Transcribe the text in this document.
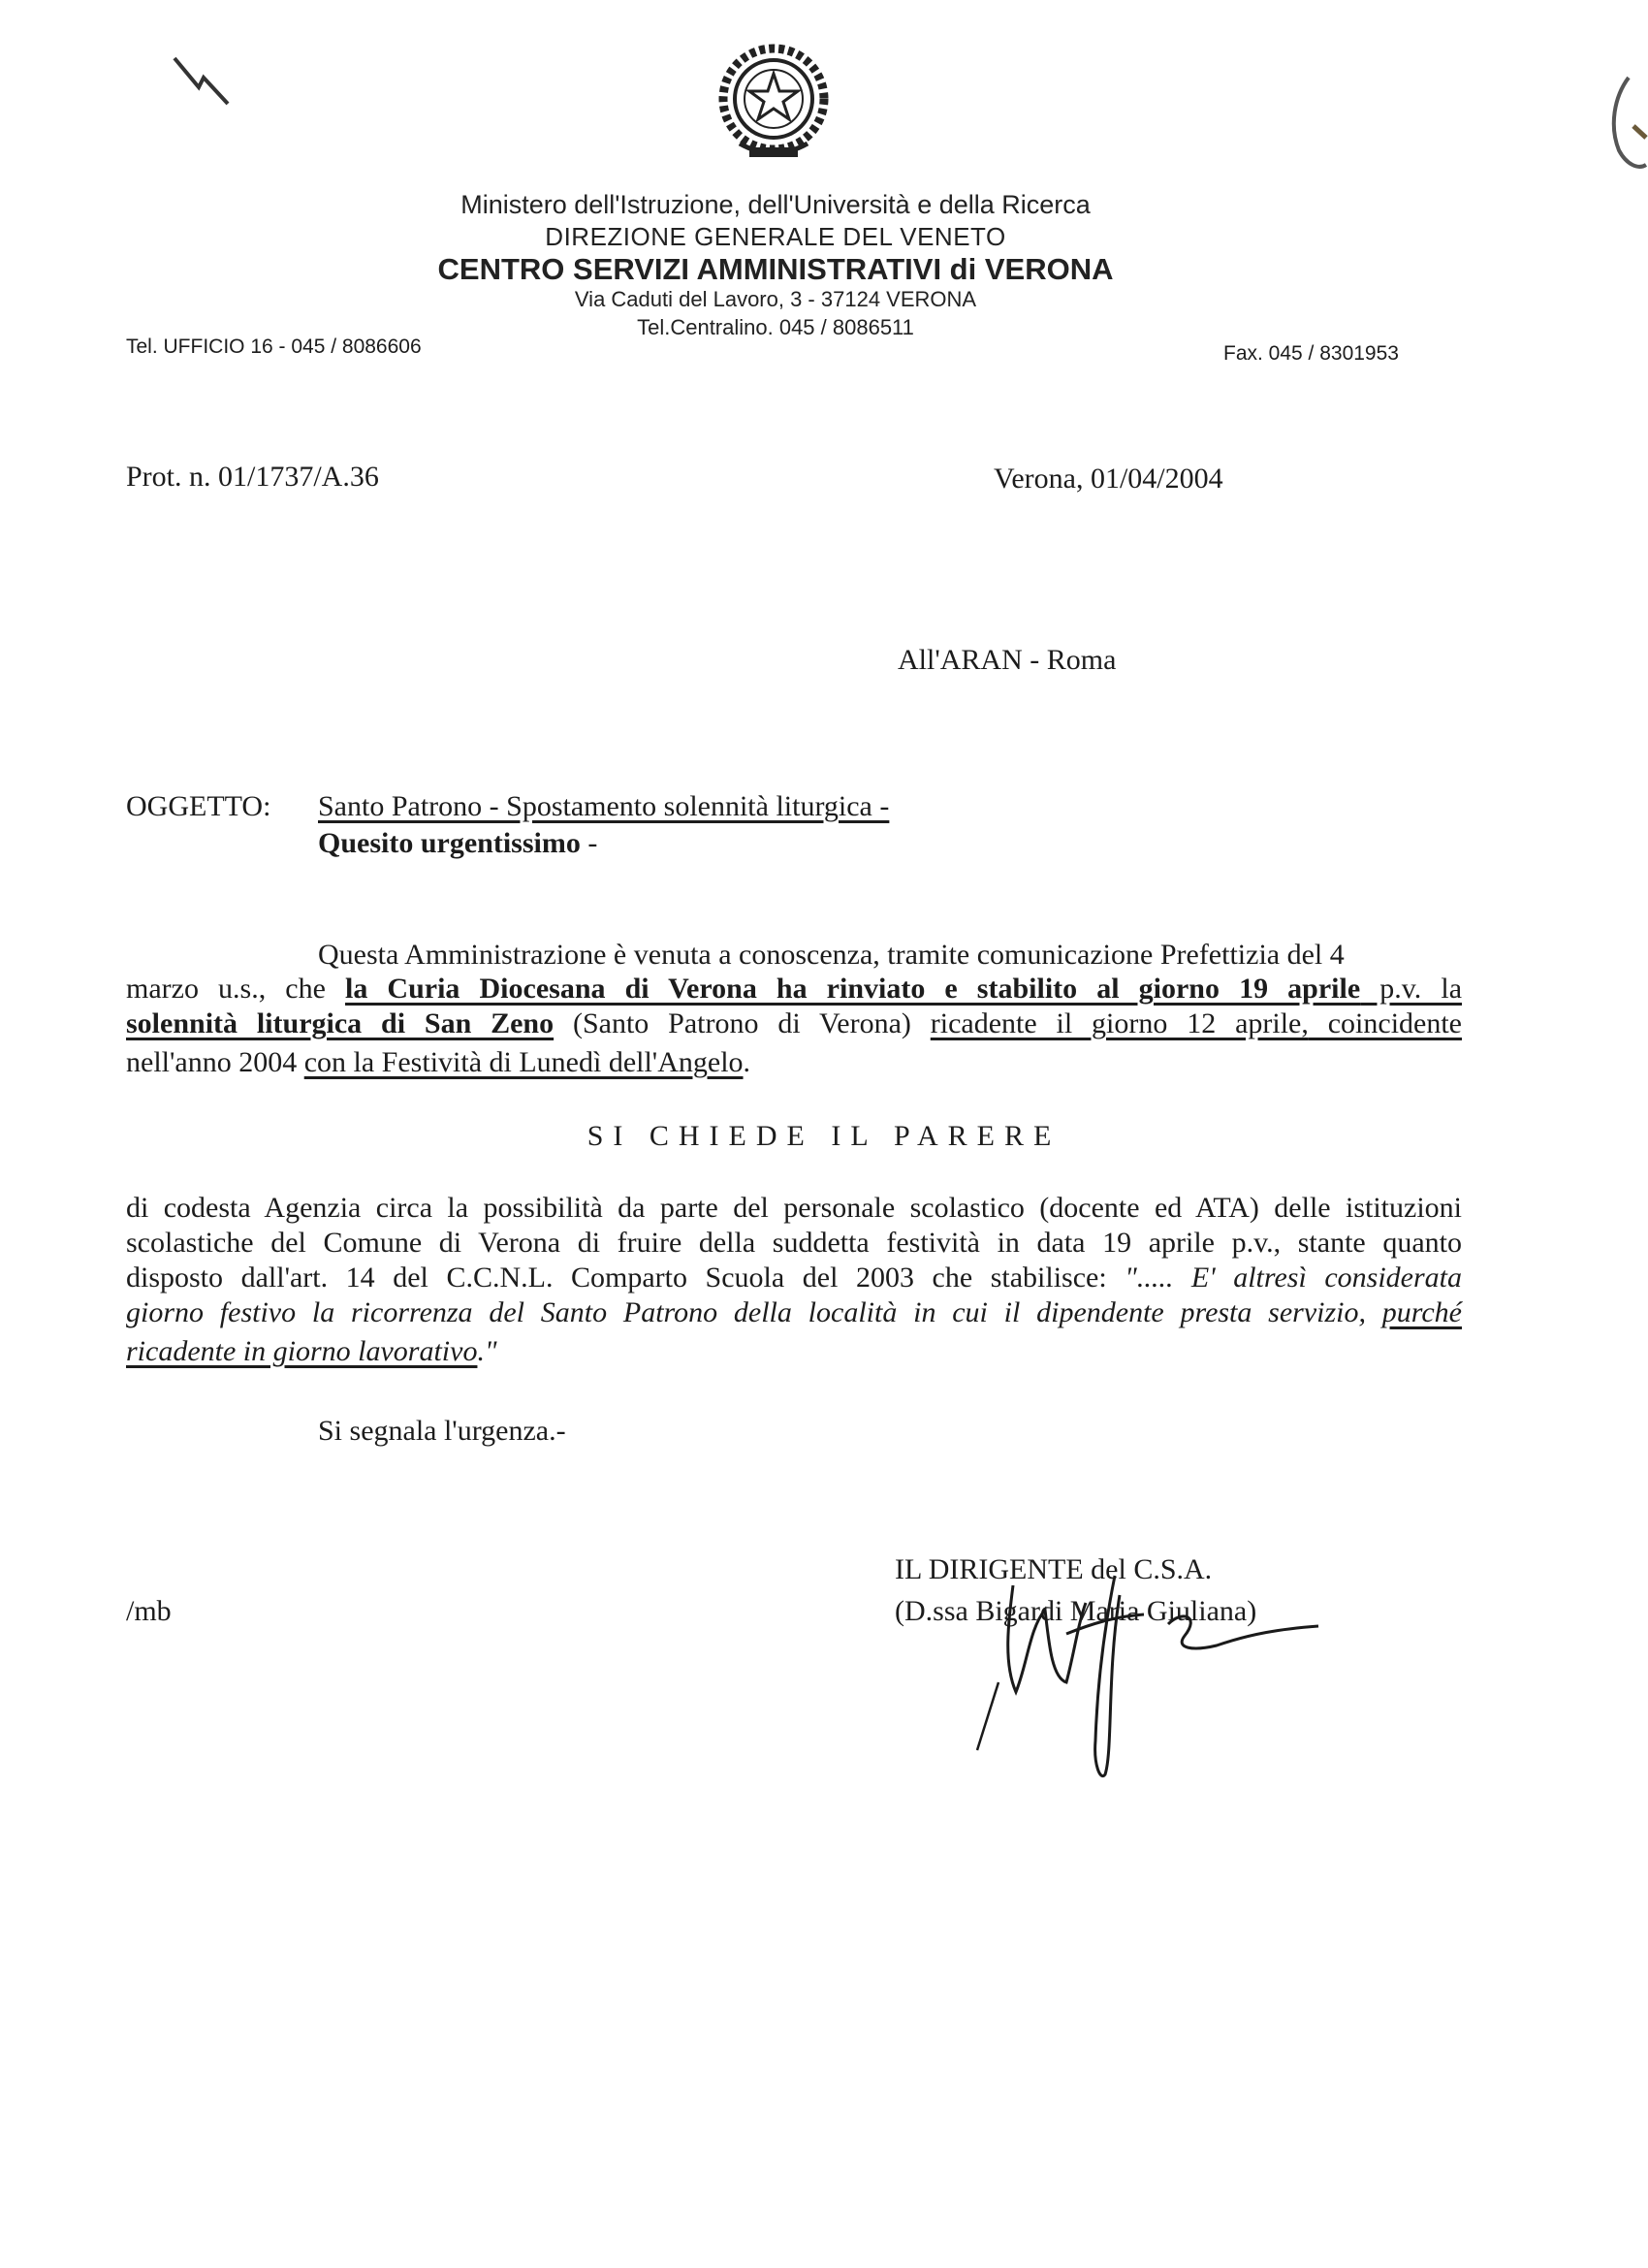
Ministero dell'Istruzione, dell'Università e della Ricerca
DIREZIONE GENERALE DEL VENETO
CENTRO SERVIZI AMMINISTRATIVI di VERONA
Via Caduti del Lavoro, 3 - 37124 VERONA
Tel.Centralino. 045 / 8086511
Tel. UFFICIO 16 - 045 / 8086606	Fax. 045 / 8301953
Prot. n. 01/1737/A.36	Verona, 01/04/2004
All'ARAN - Roma
OGGETTO: Santo Patrono - Spostamento solennità liturgica -
Quesito urgentissimo -
Questa Amministrazione è venuta a conoscenza, tramite comunicazione Prefettizia del 4
marzo u.s., che la Curia Diocesana di Verona ha rinviato e stabilito al giorno 19 aprile p.v. la
solennità liturgica di San Zeno (Santo Patrono di Verona) ricadente il giorno 12 aprile, coincidente
nell'anno 2004 con la Festività di Lunedì dell'Angelo.
SI CHIEDE IL PARERE
di codesta Agenzia circa la possibilità da parte del personale scolastico (docente ed ATA) delle istituzioni
scolastiche del Comune di Verona di fruire della suddetta festività in data 19 aprile p.v., stante quanto
disposto dall'art. 14 del C.C.N.L. Comparto Scuola del 2003 che stabilisce: "..... E' altresì considerata
giorno festivo la ricorrenza del Santo Patrono della località in cui il dipendente presta servizio, purché
ricadente in giorno lavorativo."
Si segnala l'urgenza.-
IL DIRIGENTE del C.S.A.
(D.ssa Bigardi Maria Giuliana)
/mb
